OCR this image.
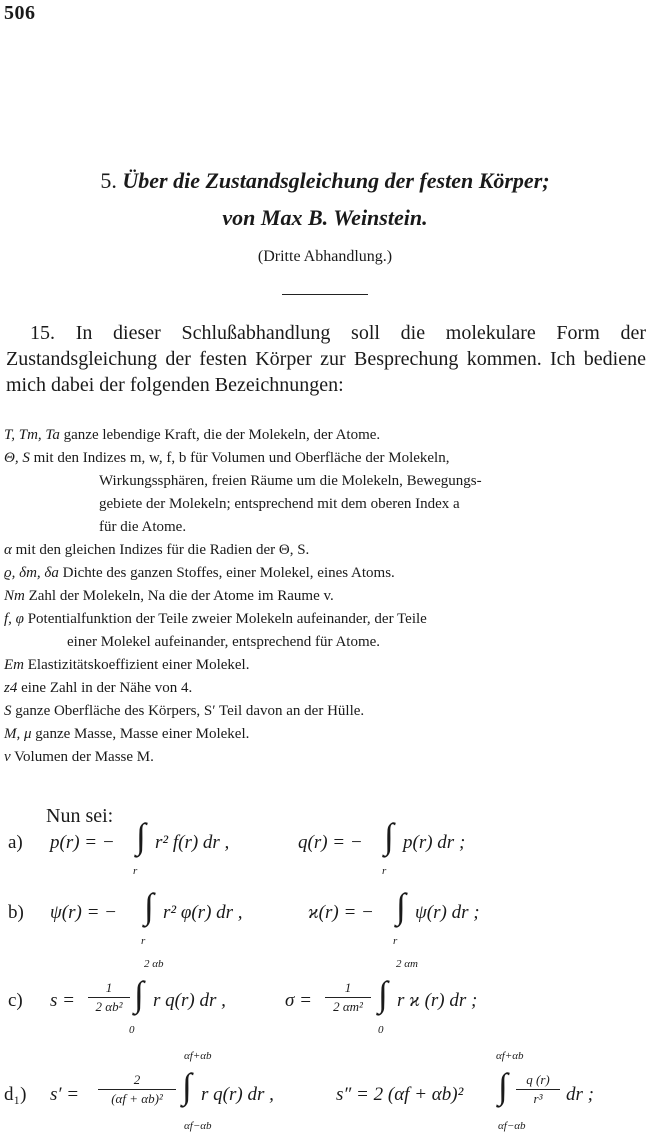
506
5. Über die Zustandsgleichung der festen Körper;
von Max B. Weinstein.
(Dritte Abhandlung.)

15. In dieser Schlußabhandlung soll die molekulare Form der Zustandsgleichung der festen Körper zur Besprechung kommen. Ich bediene mich dabei der folgenden Bezeichnungen:

T, Tm, Ta ganze lebendige Kraft, die der Molekeln, der Atome.
Θ, S mit den Indizes m, w, f, b für Volumen und Oberfläche der Molekeln,
Wirkungssphären, freien Räume um die Molekeln, Bewegungs-
gebiete der Molekeln; entsprechend mit dem oberen Index a
für die Atome.
α mit den gleichen Indizes für die Radien der Θ, S.
ϱ, δm, δa Dichte des ganzen Stoffes, einer Molekel, eines Atoms.
Nm Zahl der Molekeln, Na die der Atome im Raume v.
f, φ Potentialfunktion der Teile zweier Molekeln aufeinander, der Teile
einer Molekel aufeinander, entsprechend für Atome.
Em Elastizitätskoeffizient einer Molekel.
z4 eine Zahl in der Nähe von 4.
S ganze Oberfläche des Körpers, S′ Teil davon an der Hülle.
M, μ ganze Masse, Masse einer Molekel.
v Volumen der Masse M.
Nun sei:
a) p(r) = − ∫
r
r² f(r) dr ,	q(r) = − ∫
r
p(r) dr ;
b) ψ(r) = − ∫
r
r² φ(r) dr ,	ϰ(r) = − ∫
r
ψ(r) dr ;
c) s =
1
2 αb²
2 αb
∫
0
r q(r) dr ,	σ =
1
2 αm²
2 αm
∫
0
r ϰ (r) dr ;
d₁) s′ =
2
(αf + αb)²
αf+αb
∫
αf−αb
r q(r) dr ,	s″ = 2 (αf + αb)²
αf+αb
∫
αf−αb
q (r)
r³	dr ;
